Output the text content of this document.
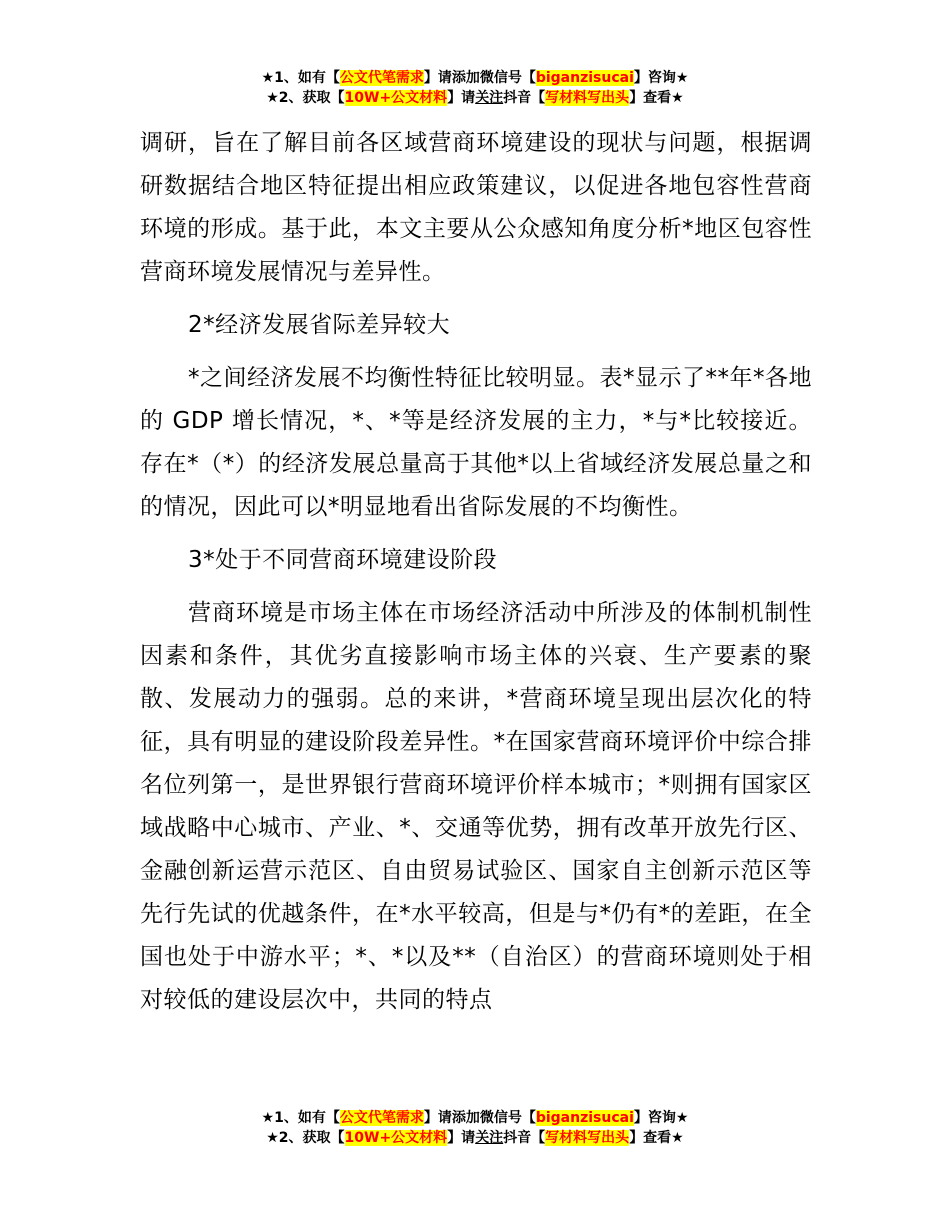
★1、如有【公文代笔需求】请添加微信号【biganzisucai】咨询★
★2、获取【10W+公文材料】请关注抖音【写材料写出头】查看★

调研，旨在了解目前各区域营商环境建设的现状与问题，根据调研数据结合地区特征提出相应政策建议，以促进各地包容性营商环境的形成。基于此，本文主要从公众感知角度分析*地区包容性营商环境发展情况与差异性。

2*经济发展省际差异较大

*之间经济发展不均衡性特征比较明显。表*显示了**年*各地的 GDP 增长情况，*、*等是经济发展的主力，*与*比较接近。存在*（*）的经济发展总量高于其他*以上省域经济发展总量之和的情况，因此可以*明显地看出省际发展的不均衡性。

3*处于不同营商环境建设阶段

营商环境是市场主体在市场经济活动中所涉及的体制机制性因素和条件，其优劣直接影响市场主体的兴衰、生产要素的聚散、发展动力的强弱。总的来讲，*营商环境呈现出层次化的特征，具有明显的建设阶段差异性。*在国家营商环境评价中综合排名位列第一，是世界银行营商环境评价样本城市；*则拥有国家区域战略中心城市、产业、*、交通等优势，拥有改革开放先行区、金融创新运营示范区、自由贸易试验区、国家自主创新示范区等先行先试的优越条件，在*水平较高，但是与*仍有*的差距，在全国也处于中游水平；*、*以及**（自治区）的营商环境则处于相对较低的建设层次中，共同的特点

★1、如有【公文代笔需求】请添加微信号【biganzisucai】咨询★
★2、获取【10W+公文材料】请关注抖音【写材料写出头】查看★
